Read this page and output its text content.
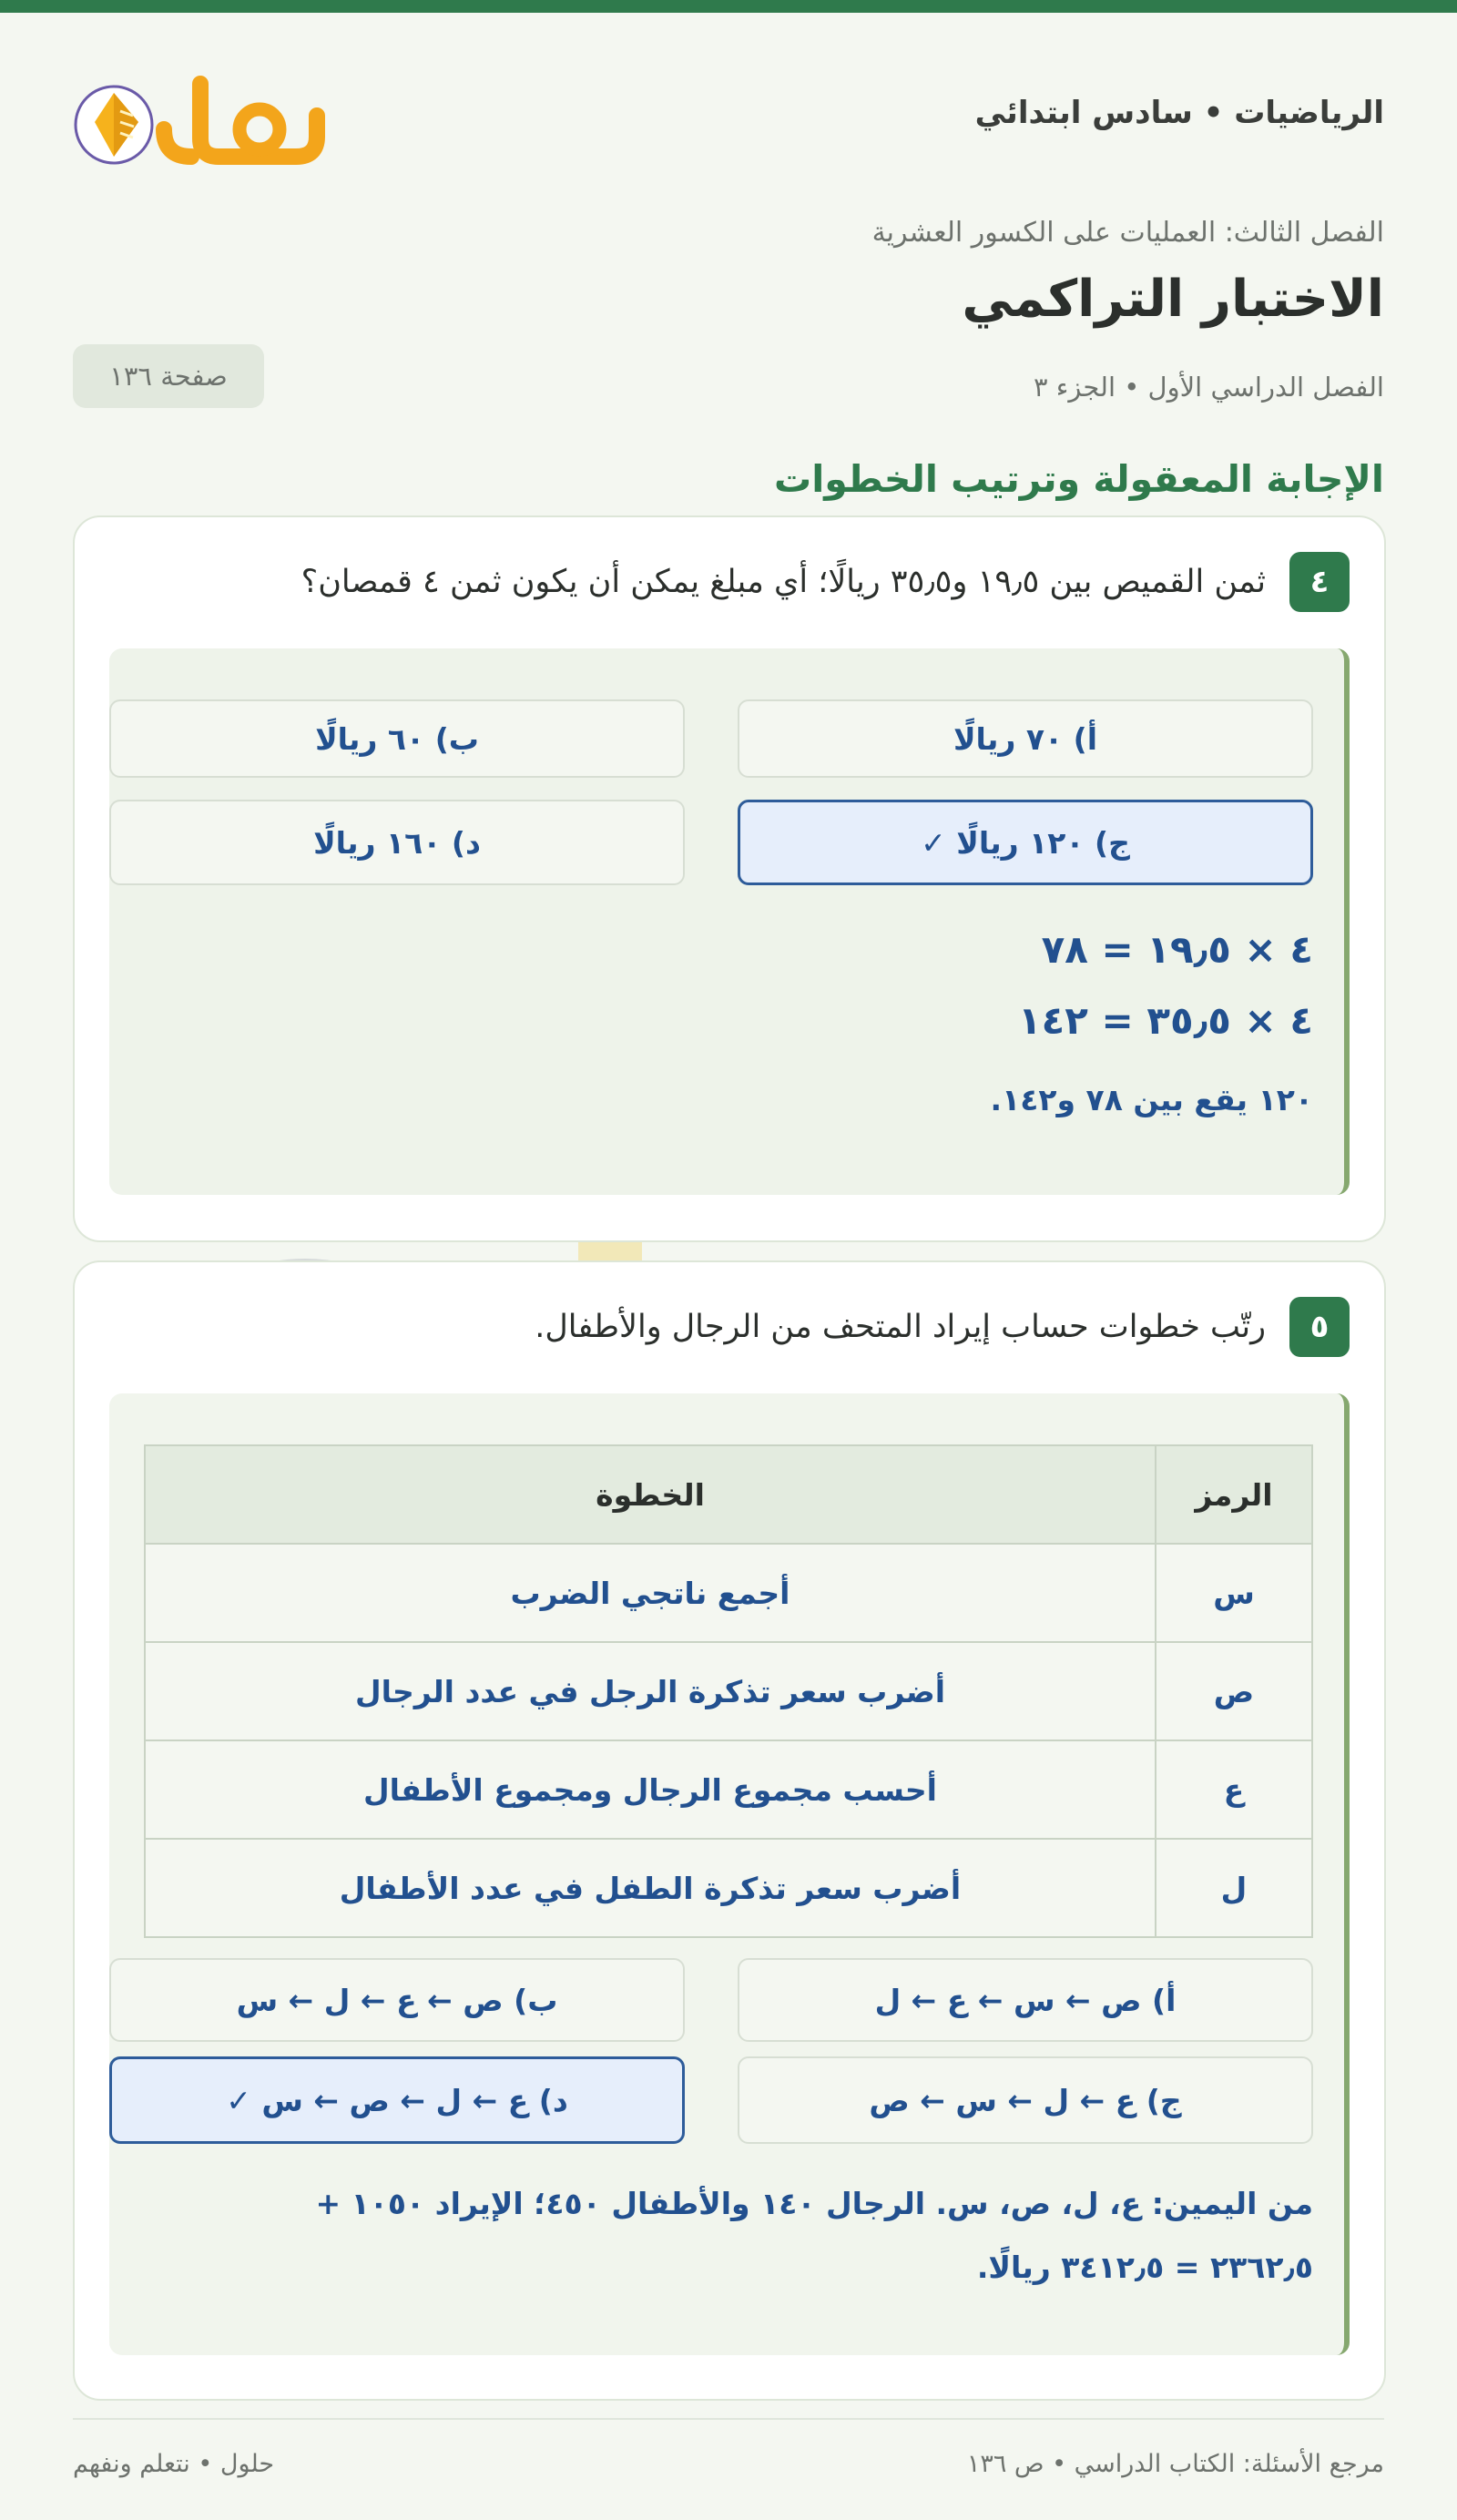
الرياضيات • سادس ابتدائي
الفصل الثالث: العمليات على الكسور العشرية
الاختبار التراكمي
الفصل الدراسي الأول • الجزء ٣
صفحة ١٣٦
الإجابة المعقولة وترتيب الخطوات
٤
ثمن القميص بين ١٩٫٥ و٣٥٫٥ ريالًا؛ أي مبلغ يمكن أن يكون ثمن ٤ قمصان؟
أ) ٧٠ ريالًا
ب) ٦٠ ريالًا
ج) ١٢٠ ريالًا ✓
د) ١٦٠ ريالًا
٤ × ١٩٫٥ = ٧٨
٤ × ٣٥٫٥ = ١٤٢
١٢٠ يقع بين ٧٨ و١٤٢.
٥
رتّب خطوات حساب إيراد المتحف من الرجال والأطفال.
الرمز	الخطوة
س	أجمع ناتجي الضرب
ص	أضرب سعر تذكرة الرجل في عدد الرجال
ع	أحسب مجموع الرجال ومجموع الأطفال
ل	أضرب سعر تذكرة الطفل في عدد الأطفال
أ) ص ← س ← ع ← ل
ب) ص ← ع ← ل ← س
ج) ع ← ل ← س ← ص
د) ع ← ل ← ص ← س ✓
من اليمين: ع، ل، ص، س. الرجال ١٤٠ والأطفال ٤٥٠؛ الإيراد ١٠٥٠ +
٢٣٦٢٫٥ = ٣٤١٢٫٥ ريالًا.
مرجع الأسئلة: الكتاب الدراسي • ص ١٣٦
حلول • نتعلم ونفهم
